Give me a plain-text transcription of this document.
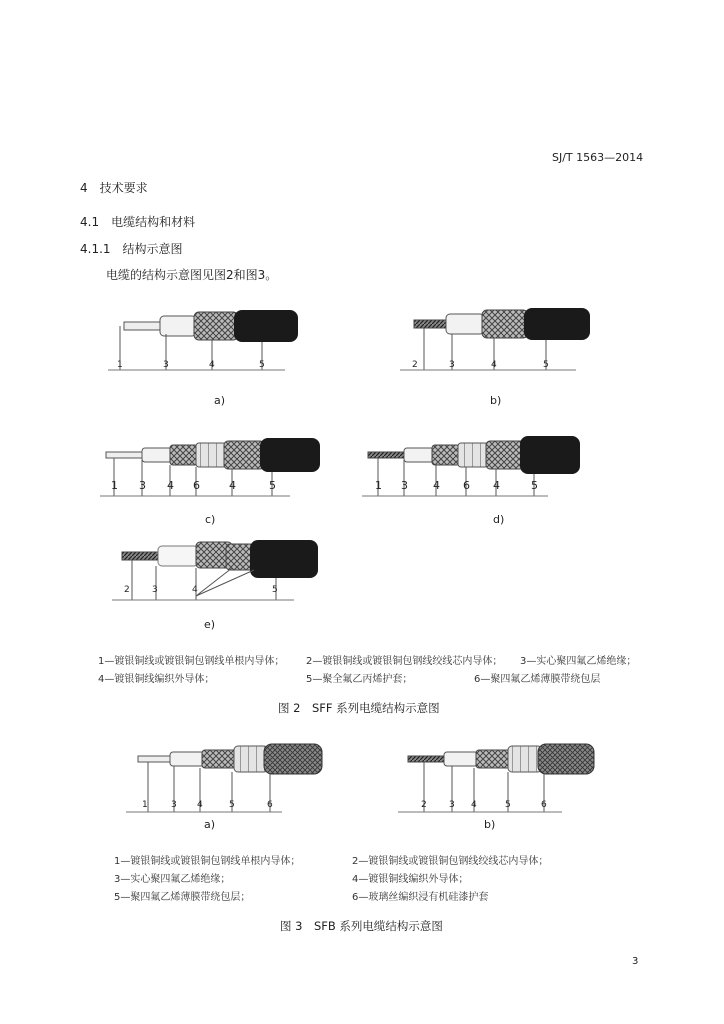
SJ/T 1563—2014
4　技术要求
4.1　电缆结构和材料
4.1.1　结构示意图
电缆的结构示意图见图2和图3。
1	3	4	5	2	3	4	5
a)	b)
1 3 4 6	4	5	1 3 4 6 4	5
c)	d)
2 3	4	5
e)
1—镀银铜线或镀银铜包钢线单根内导体； 2—镀银铜线或镀银铜包钢线绞线芯内导体； 3—实心聚四氟乙烯绝缘；
4—镀银铜线编织外导体；	5—聚全氟乙丙烯护套；	6—聚四氟乙烯薄膜带绕包层
图 2　SFF 系列电缆结构示意图
1	3 4	5	6	2 3 4	5	6
a)	b)
1—镀银铜线或镀银铜包钢线单根内导体；	2—镀银铜线或镀银铜包钢线绞线芯内导体；
3—实心聚四氟乙烯绝缘；	4—镀银铜线编织外导体；
5—聚四氟乙烯薄膜带绕包层；	6—玻璃丝编织浸有机硅漆护套
图 3　SFB 系列电缆结构示意图
3
